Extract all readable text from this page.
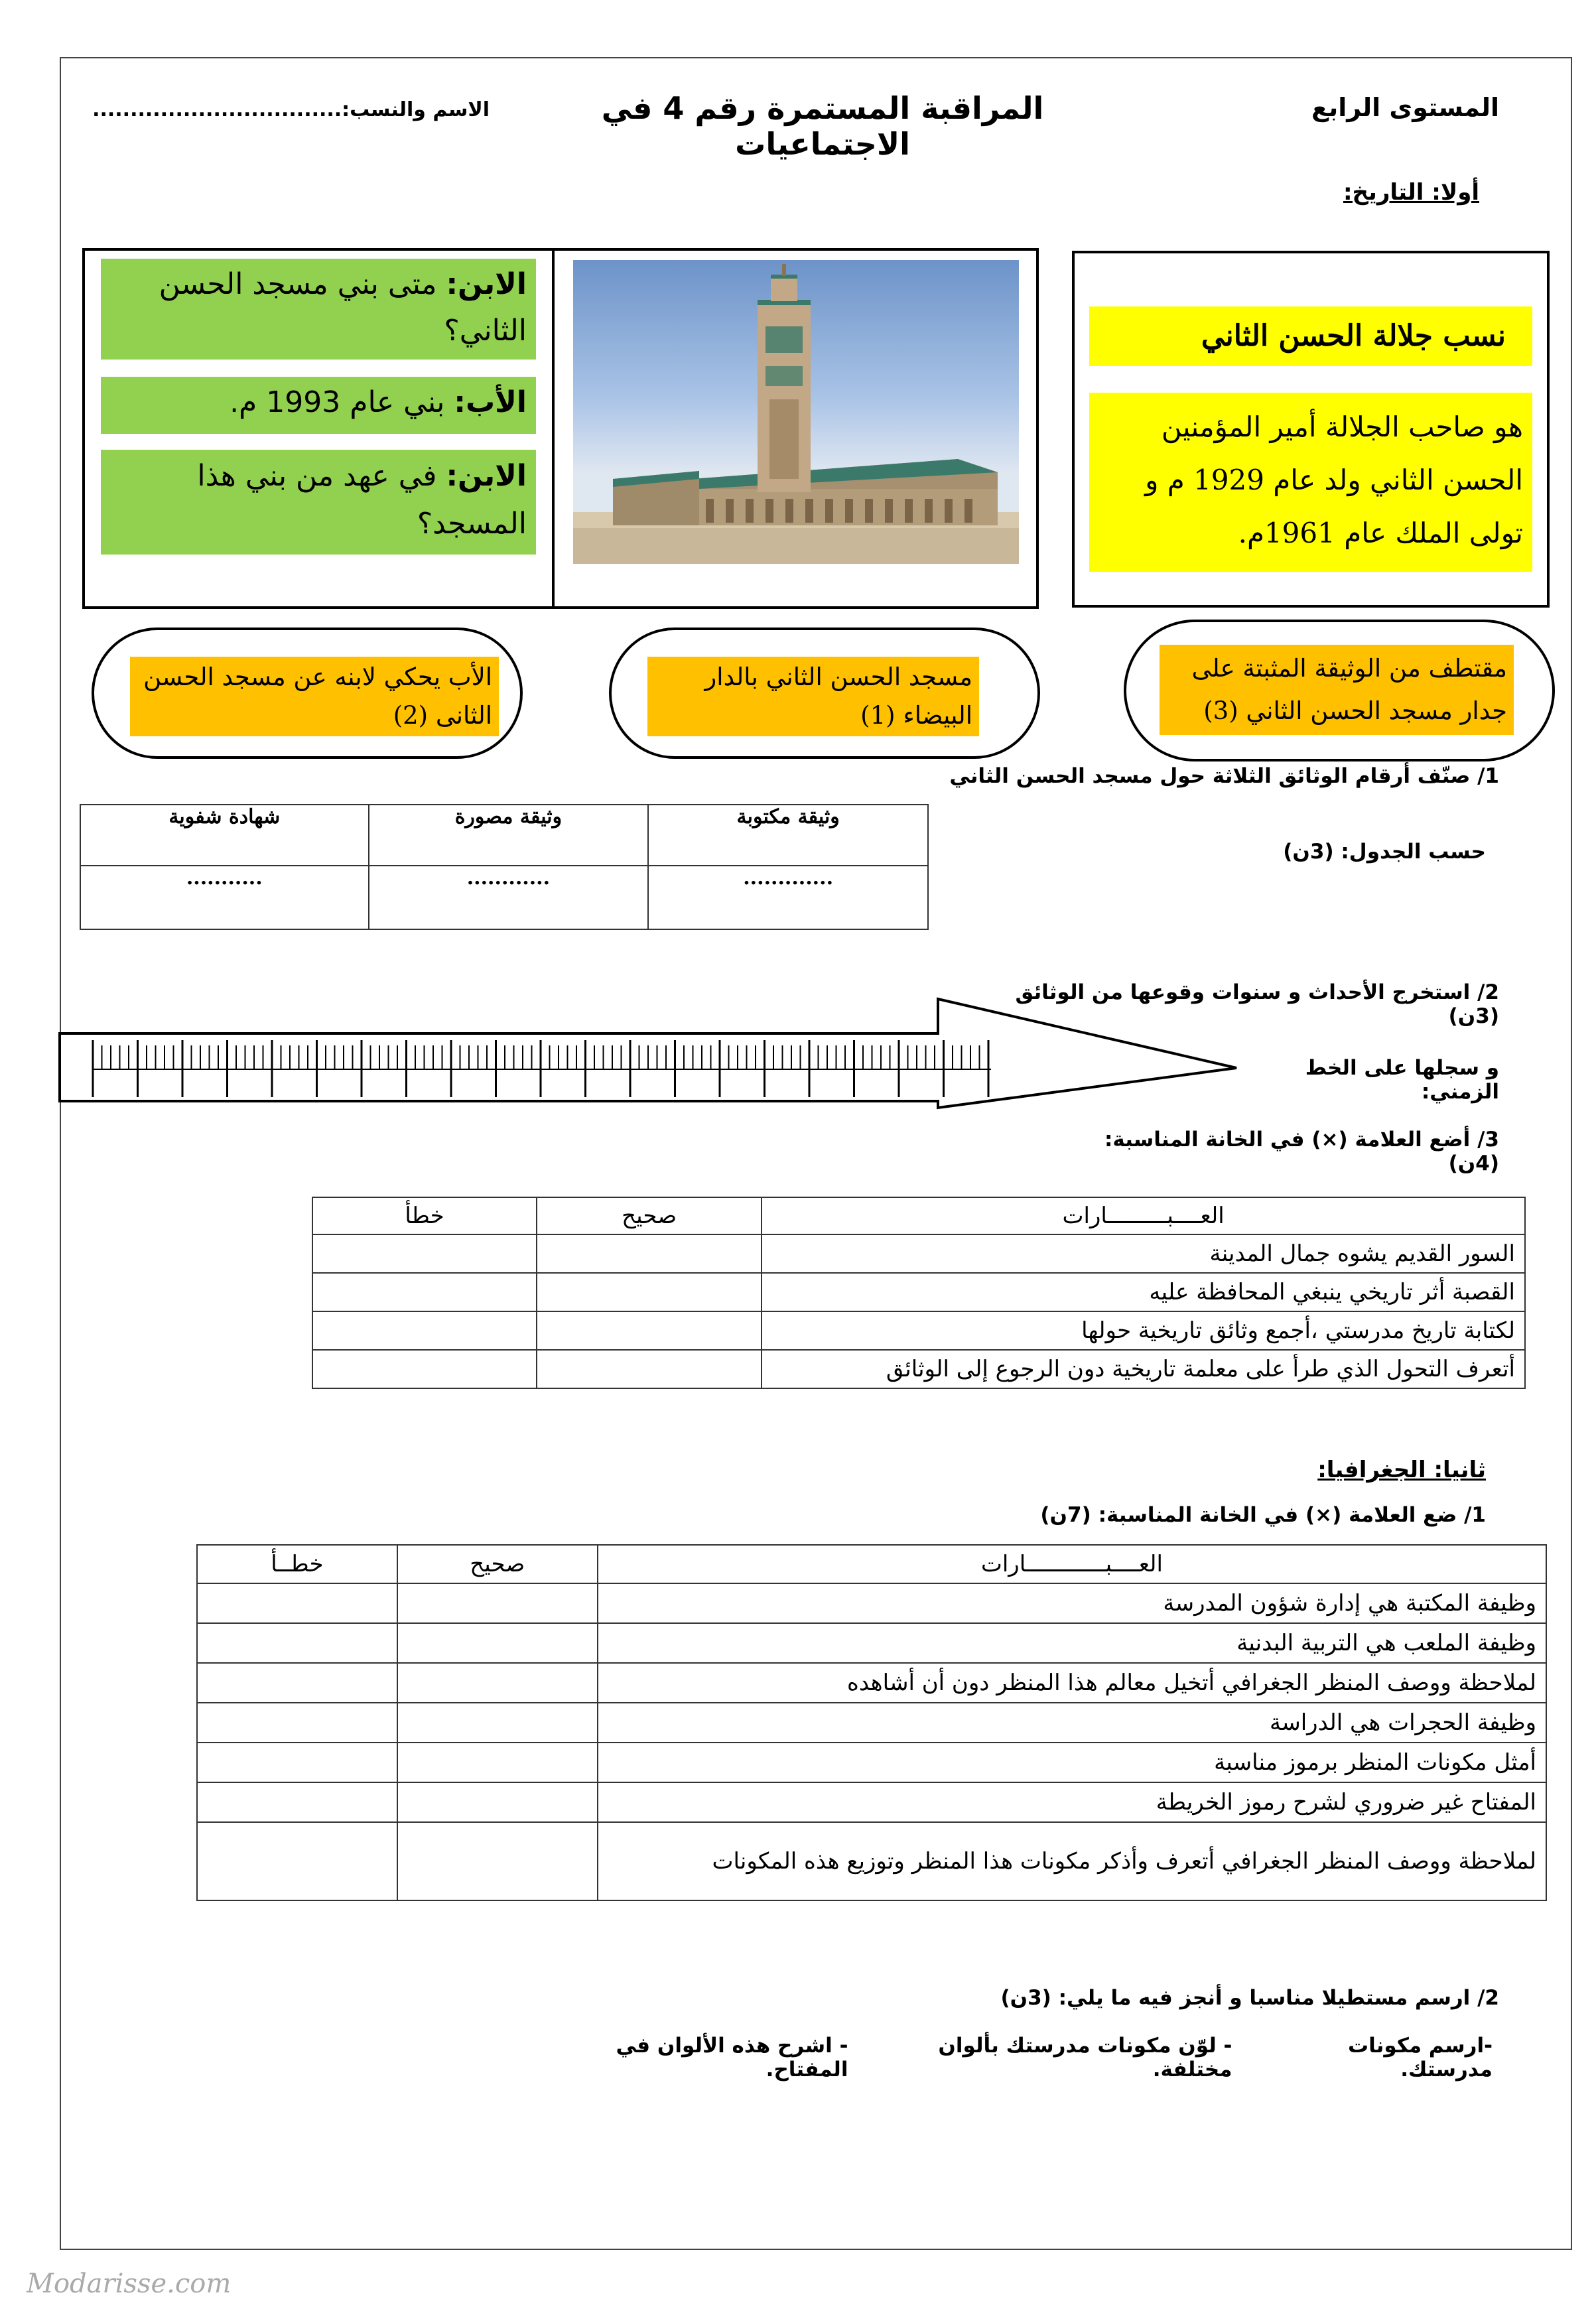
المستوى الرابع
المراقبة المستمرة رقم 4 في الاجتماعيات
الاسم والنسب:.................................
أولا: التاريخ:
نسب جلالة الحسن الثاني
هو صاحب الجلالة أمير المؤمنين الحسن الثاني ولد عام 1929 م و تولى الملك عام 1961م.
الابن: متى بني مسجد الحسن الثاني؟
الأب: بني عام 1993 م.
الابن: في عهد من بني هذا المسجد؟
مقتطف من الوثيقة المثبتة على جدار مسجد الحسن الثاني (3)
مسجد الحسن الثاني بالدار البيضاء (1)
الأب يحكي لابنه عن مسجد الحسن الثانى (2)
1/ صنّف أرقام الوثائق الثلاثة حول مسجد الحسن الثاني
حسب الجدول: (3ن)
وثيقة مكتوبة	وثيقة مصورة	شهادة شفوية
.............	............	...........
2/ استخرج الأحداث و سنوات وقوعها من الوثائق (3ن)
و سجلها على الخط الزمني:
3/ أضع العلامة (×) في الخانة المناسبة: (4ن)
العــــبـــــــــارات	صحيح	خطأ
السور القديم يشوه جمال المدينة		
القصبة أثر تاريخي ينبغي المحافظة عليه		
لكتابة تاريخ مدرستي ،أجمع وثائق تاريخية حولها		
أتعرف التحول الذي طرأ على معلمة تاريخية دون الرجوع إلى الوثائق		
ثانيا: الجغرافيا:
1/ ضع العلامة (×) في الخانة المناسبة: (7ن)
العــــبــــــــــــارات	صحيح	خطــأ
وظيفة المكتبة هي إدارة شؤون المدرسة		
وظيفة الملعب هي التربية البدنية		
لملاحظة ووصف المنظر الجغرافي أتخيل معالم هذا المنظر دون أن أشاهده		
وظيفة الحجرات هي الدراسة		
أمثل مكونات المنظر برموز مناسبة		
المفتاح غير ضروري لشرح رموز الخريطة		
لملاحظة ووصف المنظر الجغرافي أتعرف وأذكر مكونات هذا المنظر وتوزيع هذه المكونات		
2/ ارسم مستطيلا مناسبا و أنجز فيه ما يلي: (3ن)
-ارسم مكونات مدرستك.
- لوّن مكونات مدرستك بألوان مختلفة.
- اشرح هذه الألوان في المفتاح.
Modarisse.com
